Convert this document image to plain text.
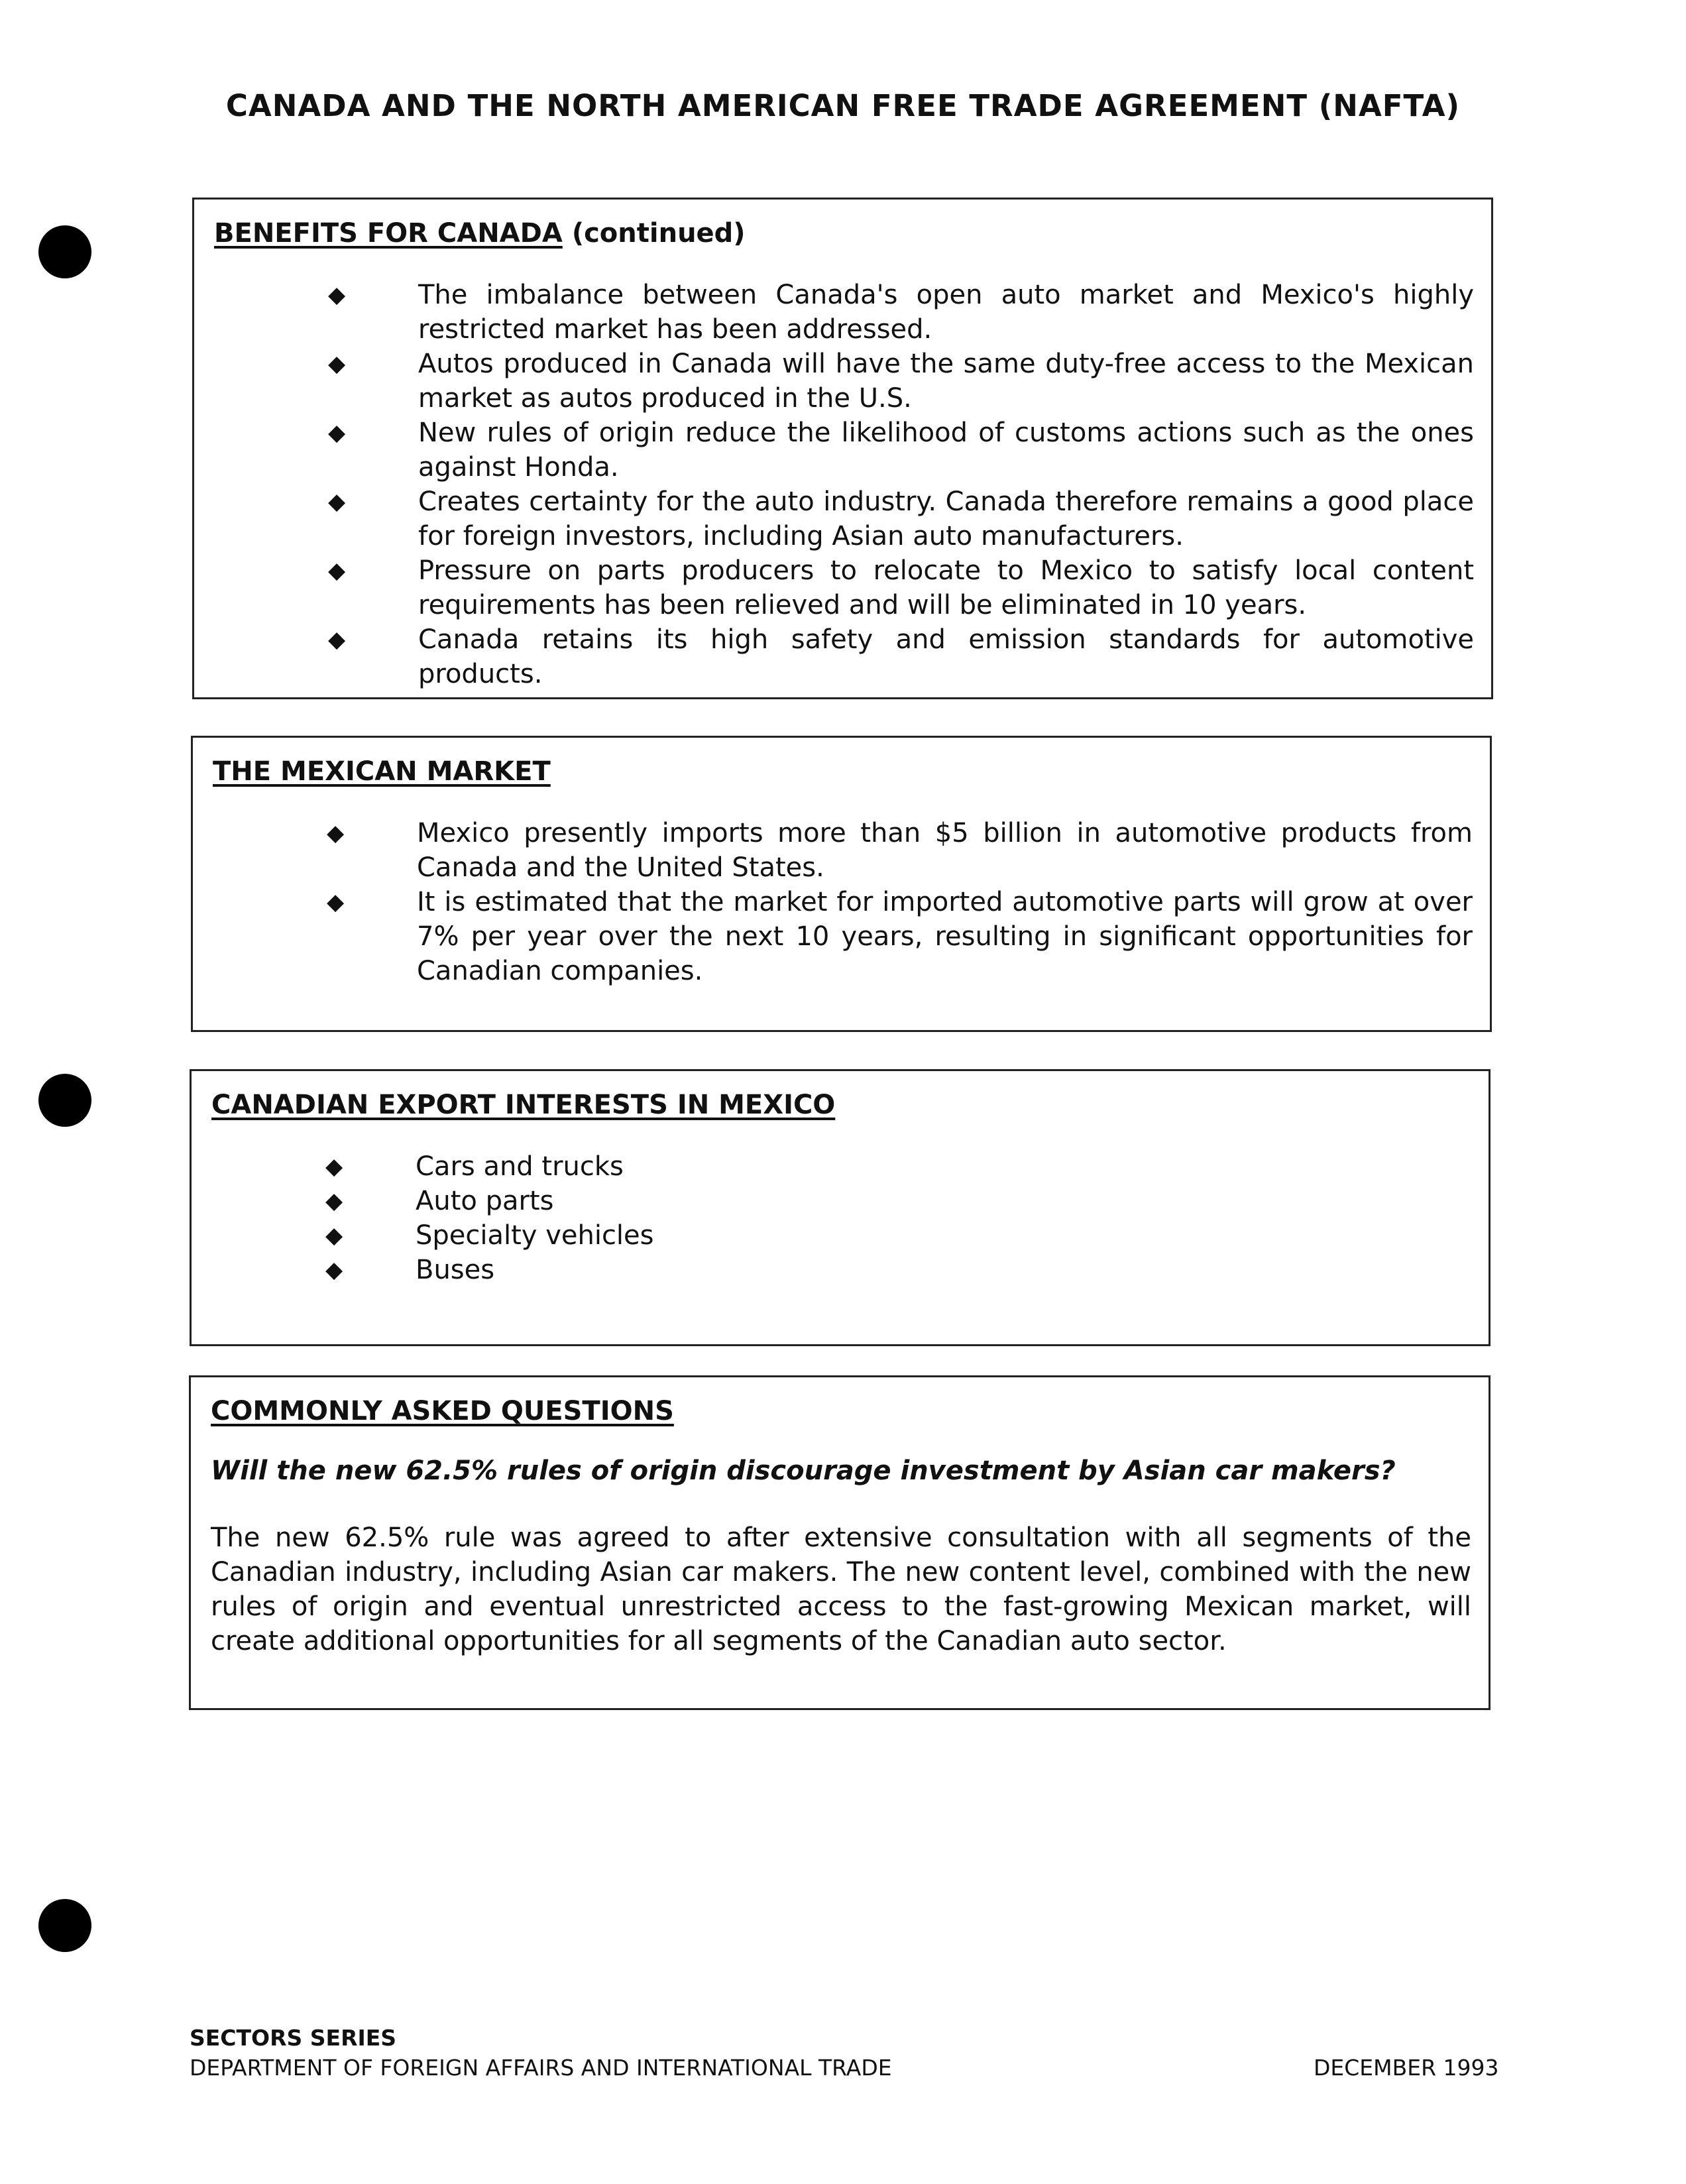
CANADA AND THE NORTH AMERICAN FREE TRADE AGREEMENT (NAFTA)
BENEFITS FOR CANADA (continued)
◆	The imbalance between Canada's open auto market and Mexico's highly restricted market has been addressed.
◆	Autos produced in Canada will have the same duty-free access to the Mexican market as autos produced in the U.S.
◆	New rules of origin reduce the likelihood of customs actions such as the ones against Honda.
◆	Creates certainty for the auto industry. Canada therefore remains a good place for foreign investors, including Asian auto manufacturers.
◆	Pressure on parts producers to relocate to Mexico to satisfy local content requirements has been relieved and will be eliminated in 10 years.
◆	Canada retains its high safety and emission standards for automotive products.
THE MEXICAN MARKET
◆	Mexico presently imports more than $5 billion in automotive products from Canada and the United States.
◆	It is estimated that the market for imported automotive parts will grow at over 7% per year over the next 10 years, resulting in significant opportunities for Canadian companies.
CANADIAN EXPORT INTERESTS IN MEXICO
◆	Cars and trucks
◆	Auto parts
◆	Specialty vehicles
◆	Buses
COMMONLY ASKED QUESTIONS
Will the new 62.5% rules of origin discourage investment by Asian car makers?
The new 62.5% rule was agreed to after extensive consultation with all segments of the Canadian industry, including Asian car makers. The new content level, combined with the new rules of origin and eventual unrestricted access to the fast-growing Mexican market, will create additional opportunities for all segments of the Canadian auto sector.
SECTORS SERIES
DEPARTMENT OF FOREIGN AFFAIRS AND INTERNATIONAL TRADE	DECEMBER 1993
